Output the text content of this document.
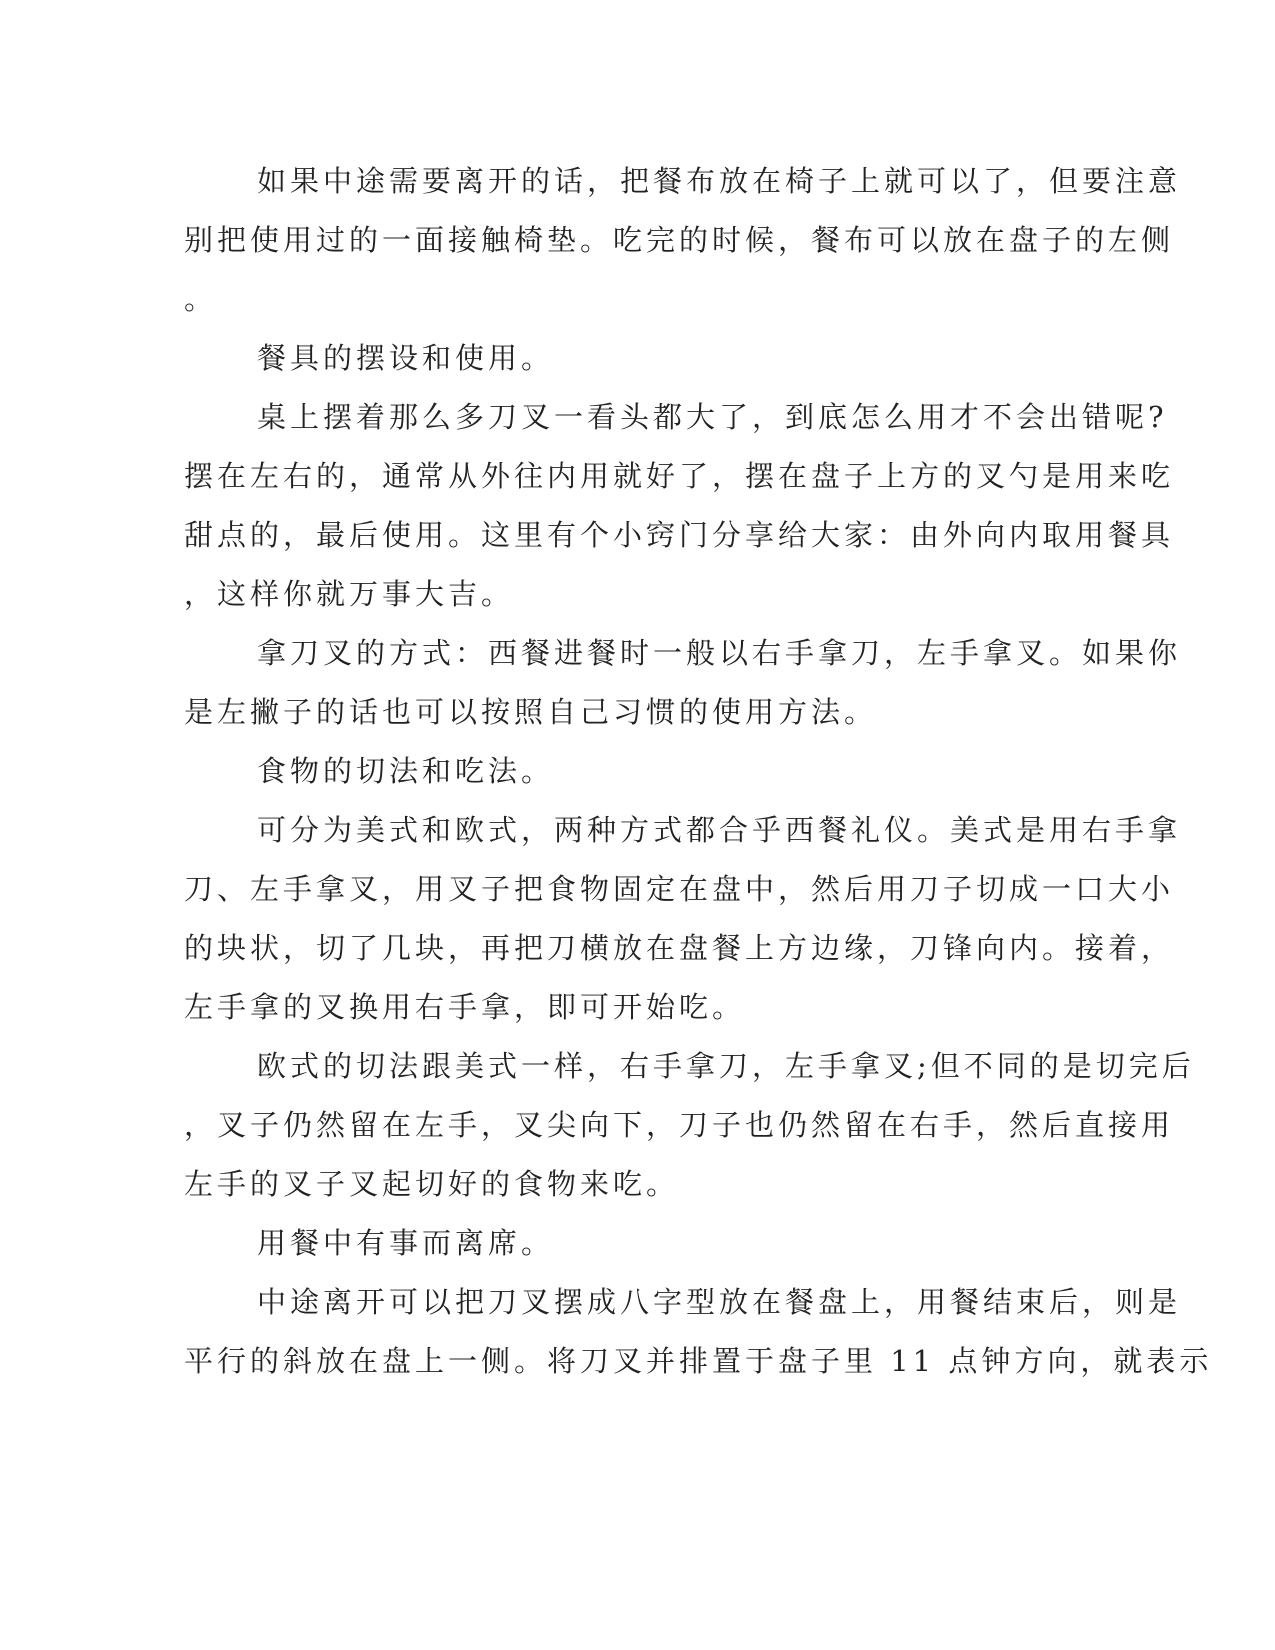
如果中途需要离开的话，把餐布放在椅子上就可以了，但要注意
别把使用过的一面接触椅垫。吃完的时候，餐布可以放在盘子的左侧
。
餐具的摆设和使用。
桌上摆着那么多刀叉一看头都大了，到底怎么用才不会出错呢?
摆在左右的，通常从外往内用就好了，摆在盘子上方的叉勺是用来吃
甜点的，最后使用。这里有个小窍门分享给大家：由外向内取用餐具
，这样你就万事大吉。
拿刀叉的方式：西餐进餐时一般以右手拿刀，左手拿叉。如果你
是左撇子的话也可以按照自己习惯的使用方法。
食物的切法和吃法。
可分为美式和欧式，两种方式都合乎西餐礼仪。美式是用右手拿
刀、左手拿叉，用叉子把食物固定在盘中，然后用刀子切成一口大小
的块状，切了几块，再把刀横放在盘餐上方边缘，刀锋向内。接着，
左手拿的叉换用右手拿，即可开始吃。
欧式的切法跟美式一样，右手拿刀，左手拿叉;但不同的是切完后
，叉子仍然留在左手，叉尖向下，刀子也仍然留在右手，然后直接用
左手的叉子叉起切好的食物来吃。
用餐中有事而离席。
中途离开可以把刀叉摆成八字型放在餐盘上，用餐结束后，则是
平行的斜放在盘上一侧。将刀叉并排置于盘子里 11 点钟方向，就表示
